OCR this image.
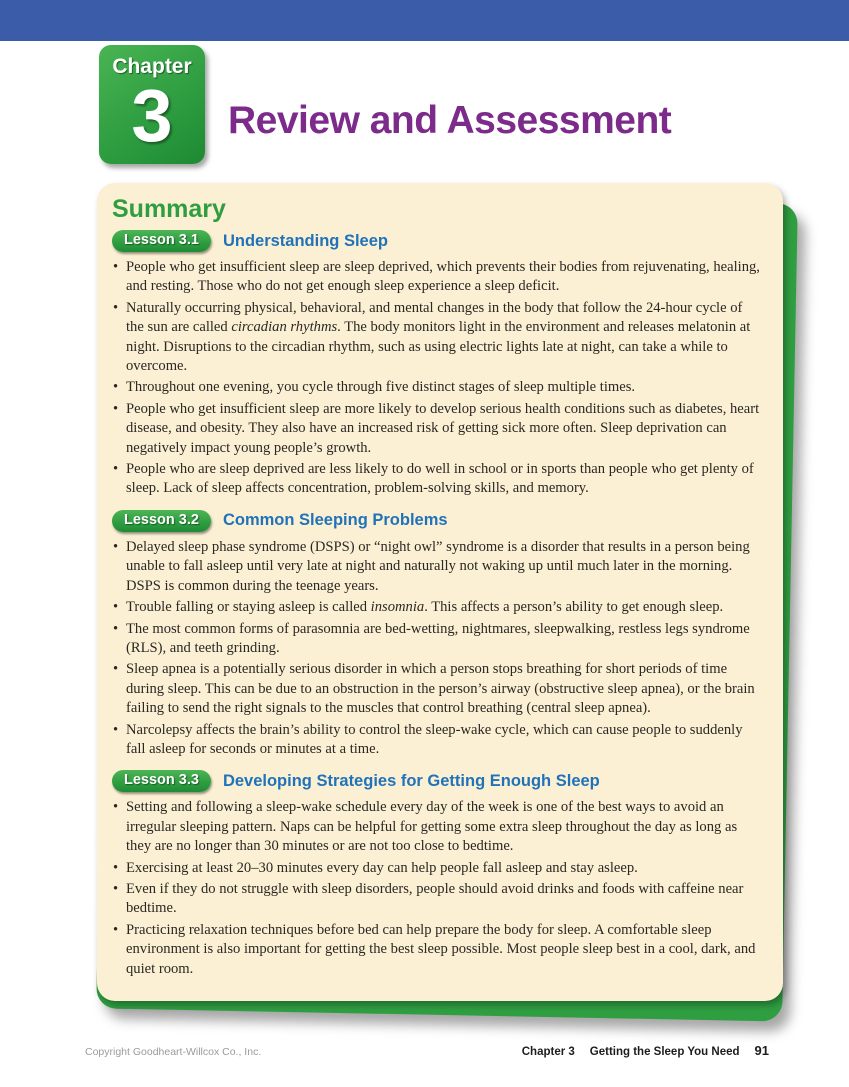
Chapter
3	Review and Assessment
Summary
Lesson 3.1	Understanding Sleep
• People who get insufficient sleep are sleep deprived, which prevents their bodies from rejuvenating, healing, and resting. Those who do not get enough sleep experience a sleep deficit.
• Naturally occurring physical, behavioral, and mental changes in the body that follow the 24-hour cycle of the sun are called circadian rhythms. The body monitors light in the environment and releases melatonin at night. Disruptions to the circadian rhythm, such as using electric lights late at night, can take a while to overcome.
• Throughout one evening, you cycle through five distinct stages of sleep multiple times.
• People who get insufficient sleep are more likely to develop serious health conditions such as diabetes, heart disease, and obesity. They also have an increased risk of getting sick more often. Sleep deprivation can negatively impact young people’s growth.
• People who are sleep deprived are less likely to do well in school or in sports than people who get plenty of sleep. Lack of sleep affects concentration, problem-solving skills, and memory.
Lesson 3.2	Common Sleeping Problems
• Delayed sleep phase syndrome (DSPS) or “night owl” syndrome is a disorder that results in a person being unable to fall asleep until very late at night and naturally not waking up until much later in the morning. DSPS is common during the teenage years.
• Trouble falling or staying asleep is called insomnia. This affects a person’s ability to get enough sleep.
• The most common forms of parasomnia are bed-wetting, nightmares, sleepwalking, restless legs syndrome (RLS), and teeth grinding.
• Sleep apnea is a potentially serious disorder in which a person stops breathing for short periods of time during sleep. This can be due to an obstruction in the person’s airway (obstructive sleep apnea), or the brain failing to send the right signals to the muscles that control breathing (central sleep apnea).
• Narcolepsy affects the brain’s ability to control the sleep-wake cycle, which can cause people to suddenly fall asleep for seconds or minutes at a time.
Lesson 3.3	Developing Strategies for Getting Enough Sleep
• Setting and following a sleep-wake schedule every day of the week is one of the best ways to avoid an irregular sleeping pattern. Naps can be helpful for getting some extra sleep throughout the day as long as they are no longer than 30 minutes or are not too close to bedtime.
• Exercising at least 20–30 minutes every day can help people fall asleep and stay asleep.
• Even if they do not struggle with sleep disorders, people should avoid drinks and foods with caffeine near bedtime.
• Practicing relaxation techniques before bed can help prepare the body for sleep. A comfortable sleep environment is also important for getting the best sleep possible. Most people sleep best in a cool, dark, and quiet room.
Copyright Goodheart-Willcox Co., Inc.	Chapter 3 Getting the Sleep You Need 91
